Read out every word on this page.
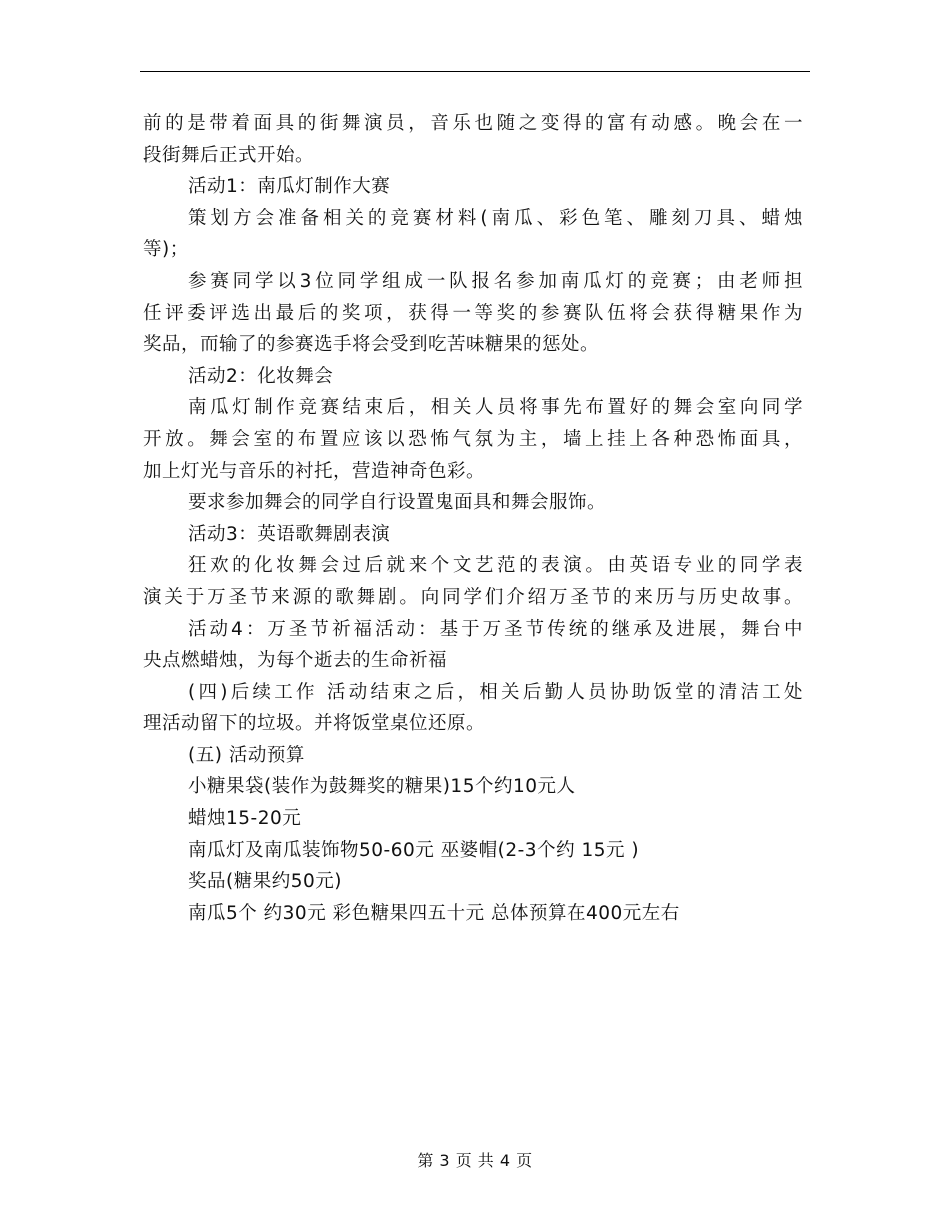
前的是带着面具的街舞演员，音乐也随之变得的富有动感。晚会在一
段街舞后正式开始。
活动1：南瓜灯制作大赛
策划方会准备相关的竞赛材料(南瓜、彩色笔、雕刻刀具、蜡烛
等)；
参赛同学以3位同学组成一队报名参加南瓜灯的竞赛；由老师担
任评委评选出最后的奖项，获得一等奖的参赛队伍将会获得糖果作为
奖品，而输了的参赛选手将会受到吃苦味糖果的惩处。
活动2：化妆舞会
南瓜灯制作竞赛结束后，相关人员将事先布置好的舞会室向同学
开放。舞会室的布置应该以恐怖气氛为主，墙上挂上各种恐怖面具，
加上灯光与音乐的衬托，营造神奇色彩。
要求参加舞会的同学自行设置鬼面具和舞会服饰。
活动3：英语歌舞剧表演
狂欢的化妆舞会过后就来个文艺范的表演。由英语专业的同学表
演关于万圣节来源的歌舞剧。向同学们介绍万圣节的来历与历史故事。
活动4：万圣节祈福活动：基于万圣节传统的继承及进展，舞台中
央点燃蜡烛，为每个逝去的生命祈福
(四)后续工作 活动结束之后，相关后勤人员协助饭堂的清洁工处
理活动留下的垃圾。并将饭堂桌位还原。
(五) 活动预算
小糖果袋(装作为鼓舞奖的糖果)15个约10元人
蜡烛15-20元
南瓜灯及南瓜装饰物50-60元 巫婆帽(2-3个约 15元 )
奖品(糖果约50元)
南瓜5个 约30元 彩色糖果四五十元 总体预算在400元左右
第 3 页 共 4 页
